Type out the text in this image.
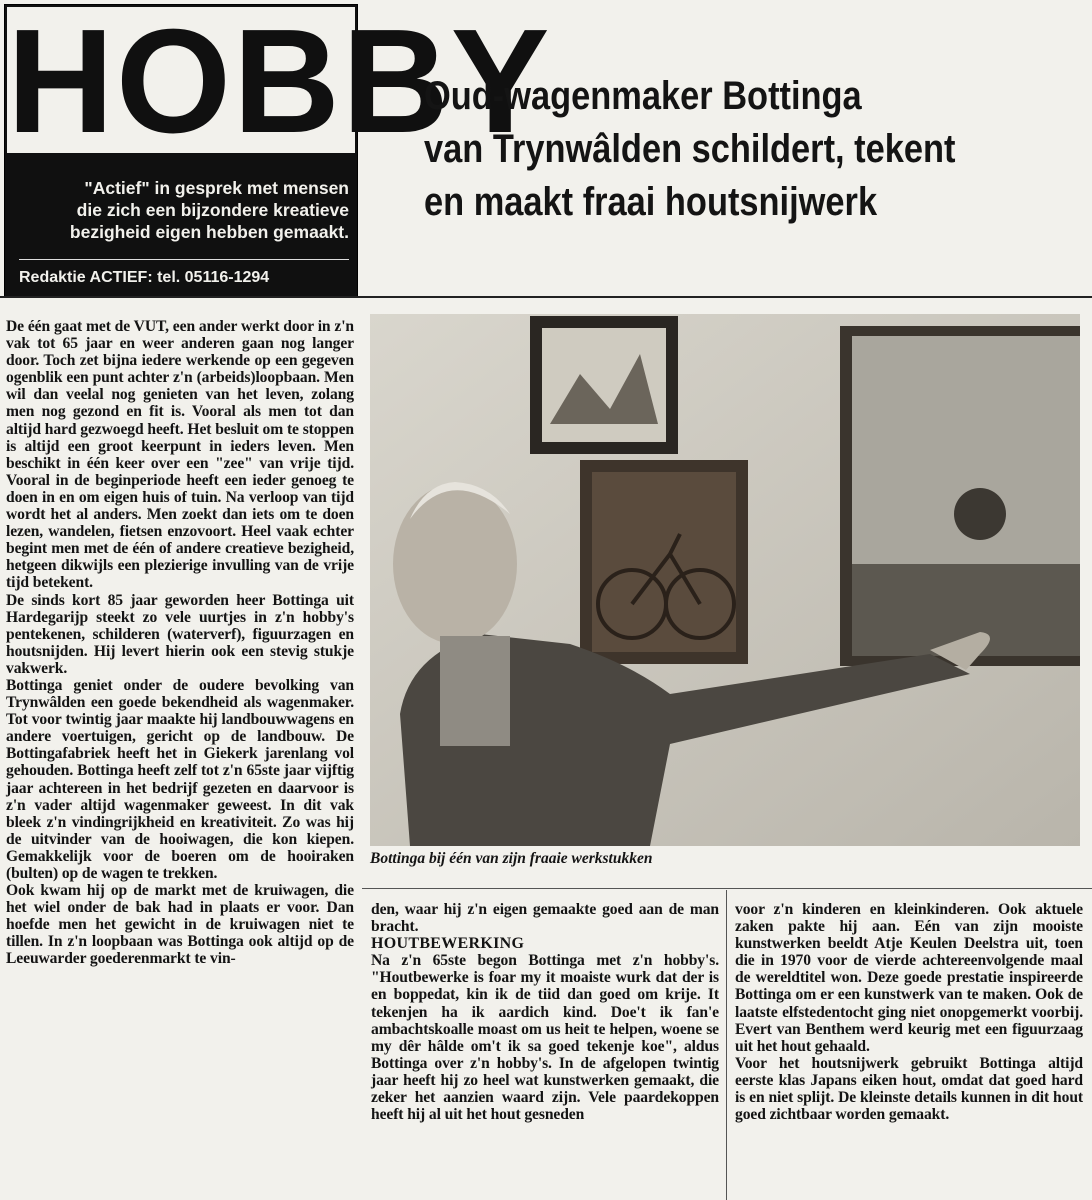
HOBBY
"Actief" in gesprek met mensen
die zich een bijzondere kreatieve
bezigheid eigen hebben gemaakt.
Redaktie ACTIEF: tel. 05116-1294
Oud-wagenmaker Bottinga
van Trynwâlden schildert, tekent
en maakt fraai houtsnijwerk

De één gaat met de VUT, een ander werkt door in z'n vak tot 65 jaar en weer anderen gaan nog langer door. Toch zet bijna iedere werkende op een gegeven ogenblik een punt achter z'n (arbeids)loopbaan. Men wil dan veelal nog genieten van het leven, zolang men nog gezond en fit is. Vooral als men tot dan altijd hard gezwoegd heeft. Het besluit om te stoppen is altijd een groot keerpunt in ieders leven. Men beschikt in één keer over een "zee" van vrije tijd. Vooral in de beginperiode heeft een ieder genoeg te doen in en om eigen huis of tuin. Na verloop van tijd wordt het al anders. Men zoekt dan iets om te doen lezen, wandelen, fietsen enzovoort. Heel vaak echter begint men met de één of andere creatieve bezigheid, hetgeen dikwijls een plezierige invulling van de vrije tijd betekent.

De sinds kort 85 jaar geworden heer Bottinga uit Hardegarijp steekt zo vele uurtjes in z'n hobby's pentekenen, schilderen (waterverf), figuurzagen en houtsnijden. Hij levert hierin ook een stevig stukje vakwerk.

Bottinga geniet onder de oudere bevolking van Trynwâlden een goede bekendheid als wagenmaker. Tot voor twintig jaar maakte hij landbouwwagens en andere voertuigen, gericht op de landbouw. De Bottingafabriek heeft het in Giekerk jarenlang vol gehouden. Bottinga heeft zelf tot z'n 65ste jaar vijftig jaar achtereen in het bedrijf gezeten en daarvoor is z'n vader altijd wagenmaker geweest. In dit vak bleek z'n vindingrijkheid en kreativiteit. Zo was hij de uitvinder van de hooiwagen, die kon kiepen. Gemakkelijk voor de boeren om de hooiraken (bulten) op de wagen te trekken.

Ook kwam hij op de markt met de kruiwagen, die het wiel onder de bak had in plaats er voor. Dan hoefde men het gewicht in de kruiwagen niet te tillen. In z'n loopbaan was Bottinga ook altijd op de Leeuwarder goederenmarkt te vin-

Bottinga bij één van zijn fraaie werkstukken

den, waar hij z'n eigen gemaakte goed aan de man bracht.

HOUTBEWERKING

Na z'n 65ste begon Bottinga met z'n hobby's. "Houtbewerke is foar my it moaiste wurk dat der is en boppedat, kin ik de tiid dan goed om krije. It tekenjen ha ik aardich kind. Doe't ik fan'e ambachtskoalle moast om us heit te helpen, woene se my dêr hâlde om't ik sa goed tekenje koe", aldus Bottinga over z'n hobby's. In de afgelopen twintig jaar heeft hij zo heel wat kunstwerken gemaakt, die zeker het aanzien waard zijn. Vele paardekoppen heeft hij al uit het hout gesneden

voor z'n kinderen en kleinkinderen. Ook aktuele zaken pakte hij aan. Eén van zijn mooiste kunstwerken beeldt Atje Keulen Deelstra uit, toen die in 1970 voor de vierde achtereenvolgende maal de wereldtitel won. Deze goede prestatie inspireerde Bottinga om er een kunstwerk van te maken. Ook de laatste elfstedentocht ging niet onopgemerkt voorbij. Evert van Benthem werd keurig met een figuurzaag uit het hout gehaald.

Voor het houtsnijwerk gebruikt Bottinga altijd eerste klas Japans eiken hout, omdat dat goed hard is en niet splijt. De kleinste details kunnen in dit hout goed zichtbaar worden gemaakt.
